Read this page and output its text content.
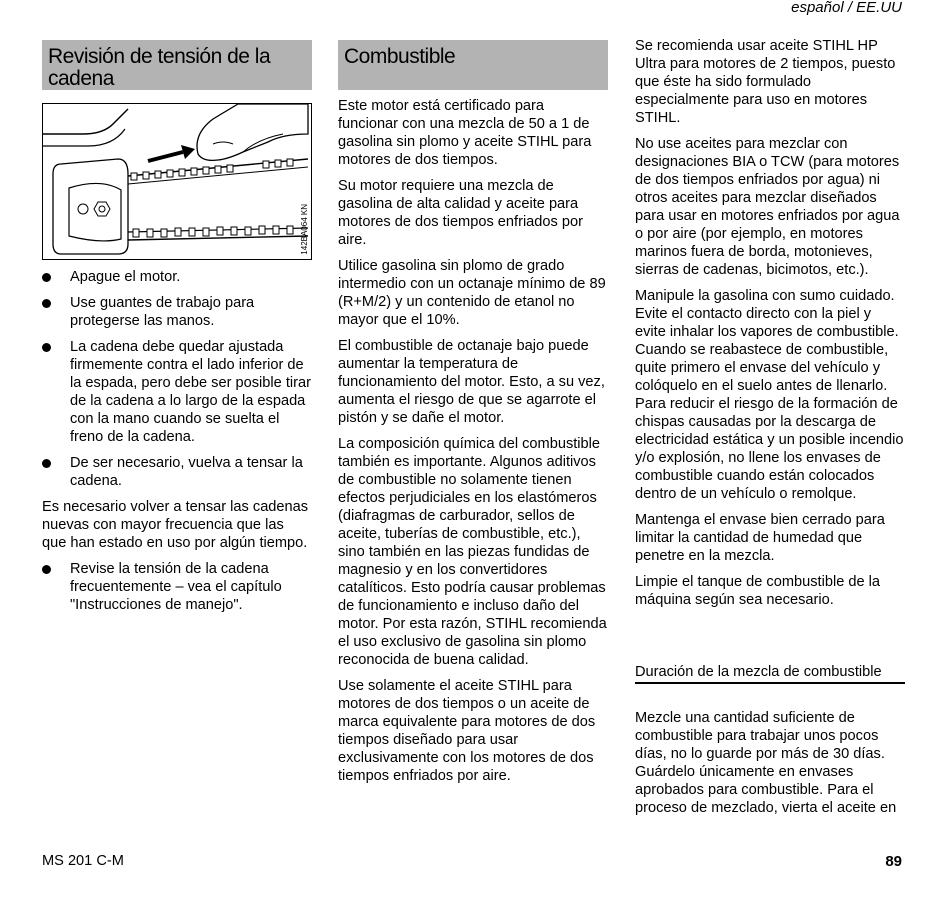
español / EE.UU
Revisión de tensión de la cadena
142BA064 KN
Apague el motor.
Use guantes de trabajo para protegerse las manos.
La cadena debe quedar ajustada firmemente contra el lado inferior de la espada, pero debe ser posible tirar de la cadena a lo largo de la espada con la mano cuando se suelta el freno de la cadena.
De ser necesario, vuelva a tensar la cadena.

Es necesario volver a tensar las cadenas nuevas con mayor frecuencia que las que han estado en uso por algún tiempo.

Revise la tensión de la cadena frecuentemente – vea el capítulo "Instrucciones de manejo".
Combustible

Este motor está certificado para funcionar con una mezcla de 50 a 1 de gasolina sin plomo y aceite STIHL para motores de dos tiempos.

Su motor requiere una mezcla de gasolina de alta calidad y aceite para motores de dos tiempos enfriados por aire.

Utilice gasolina sin plomo de grado intermedio con un octanaje mínimo de 89 (R+M/2) y un contenido de etanol no mayor que el 10%.

El combustible de octanaje bajo puede aumentar la temperatura de funcionamiento del motor. Esto, a su vez, aumenta el riesgo de que se agarrote el pistón y se dañe el motor.

La composición química del combustible también es importante. Algunos aditivos de combustible no solamente tienen efectos perjudiciales en los elastómeros (diafragmas de carburador, sellos de aceite, tuberías de combustible, etc.), sino también en las piezas fundidas de magnesio y en los convertidores catalíticos. Esto podría causar problemas de funcionamiento e incluso daño del motor. Por esta razón, STIHL recomienda el uso exclusivo de gasolina sin plomo reconocida de buena calidad.

Use solamente el aceite STIHL para motores de dos tiempos o un aceite de marca equivalente para motores de dos tiempos diseñado para usar exclusivamente con los motores de dos tiempos enfriados por aire.

Se recomienda usar aceite STIHL HP Ultra para motores de 2 tiempos, puesto que éste ha sido formulado especialmente para uso en motores STIHL.

No use aceites para mezclar con designaciones BIA o TCW (para motores de dos tiempos enfriados por agua) ni otros aceites para mezclar diseñados para usar en motores enfriados por agua o por aire (por ejemplo, en motores marinos fuera de borda, motonieves, sierras de cadenas, bicimotos, etc.).

Manipule la gasolina con sumo cuidado. Evite el contacto directo con la piel y evite inhalar los vapores de combustible. Cuando se reabastece de combustible, quite primero el envase del vehículo y colóquelo en el suelo antes de llenarlo. Para reducir el riesgo de la formación de chispas causadas por la descarga de electricidad estática y un posible incendio y/o explosión, no llene los envases de combustible cuando están colocados dentro de un vehículo o remolque.

Mantenga el envase bien cerrado para limitar la cantidad de humedad que penetre en la mezcla.

Limpie el tanque de combustible de la máquina según sea necesario.

Duración de la mezcla de combustible

Mezcle una cantidad suficiente de combustible para trabajar unos pocos días, no lo guarde por más de 30 días. Guárdelo únicamente en envases aprobados para combustible. Para el proceso de mezclado, vierta el aceite en

MS 201 C-M	89
